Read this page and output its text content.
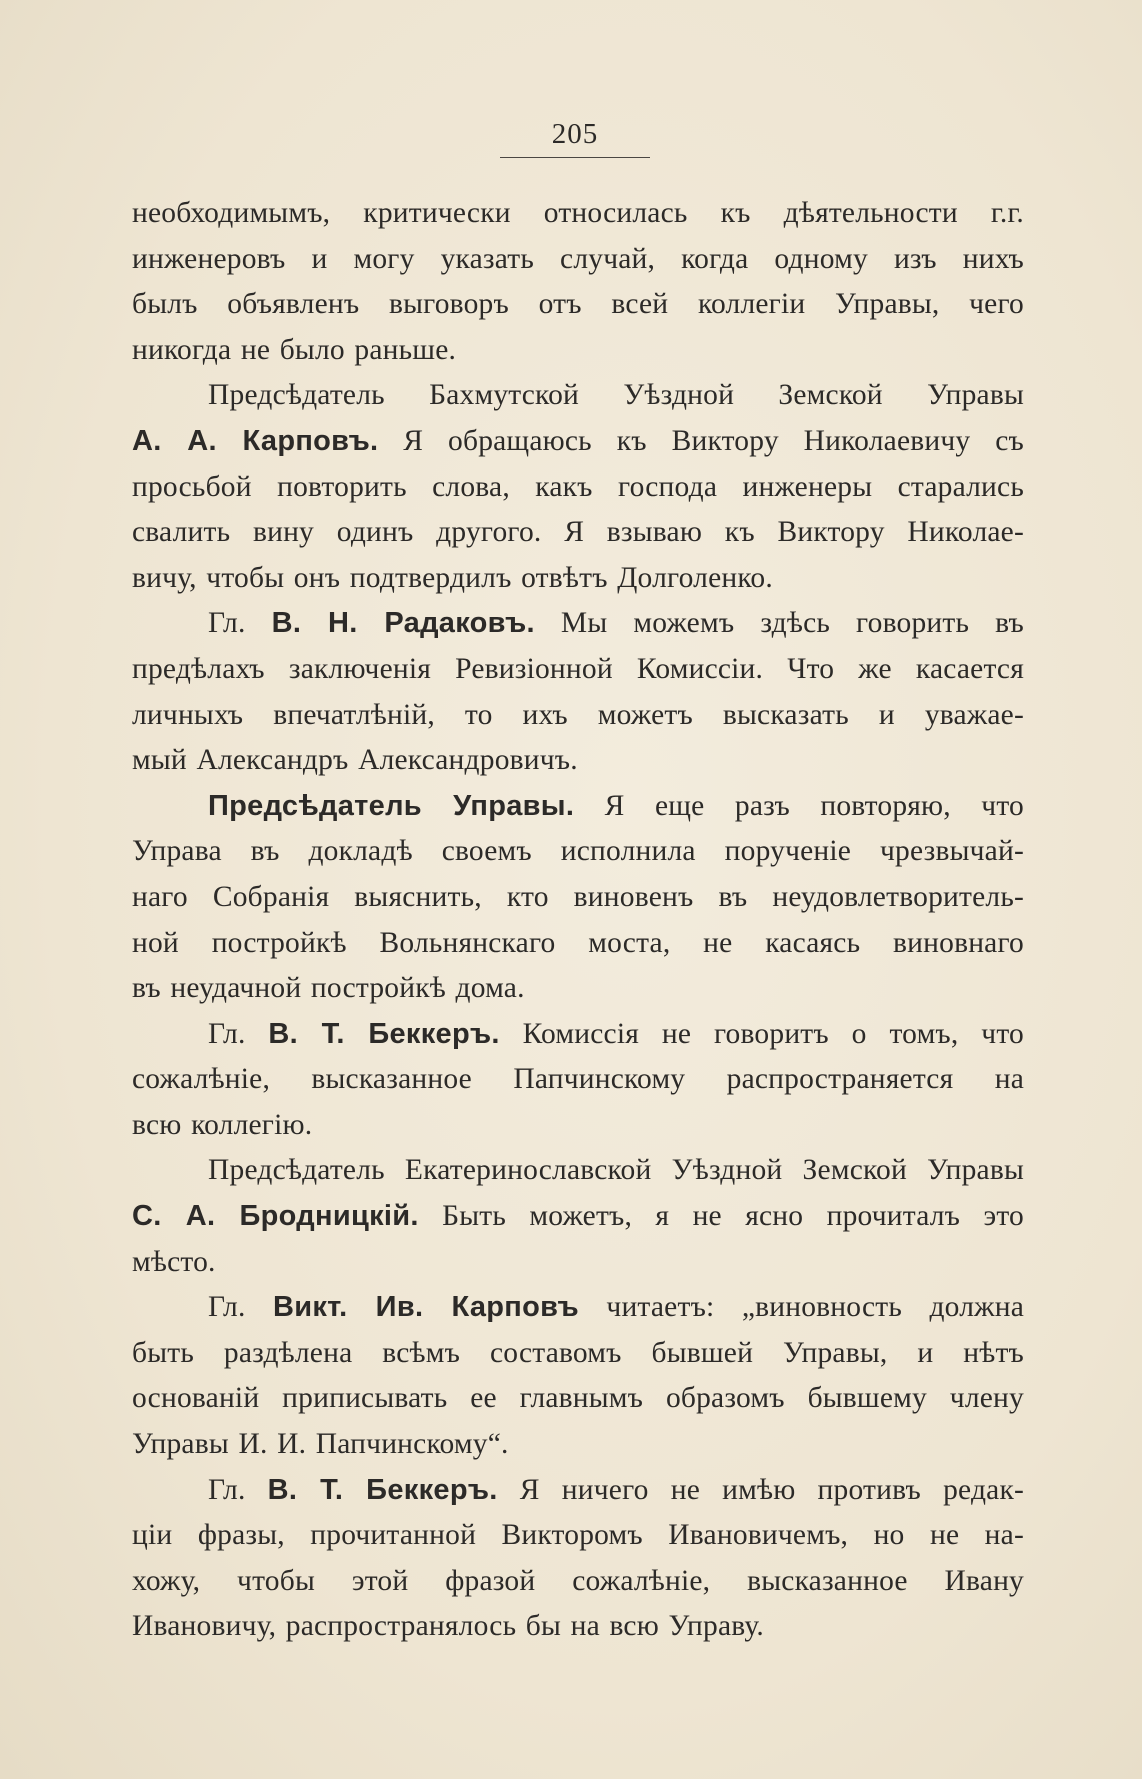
205
необходимымъ, критически относилась къ дѣятельности г.г.
инженеровъ и могу указать случай, когда одному изъ нихъ
былъ объявленъ выговоръ отъ всей коллегіи Управы, чего
никогда не было раньше.
Предсѣдатель Бахмутской Уѣздной Земской Управы
А. А. Карповъ. Я обращаюсь къ Виктору Николаевичу съ
просьбой повторить слова, какъ господа инженеры старались
свалить вину одинъ другого. Я взываю къ Виктору Николае-
вичу, чтобы онъ подтвердилъ отвѣтъ Долголенко.
Гл. В. Н. Радаковъ. Мы можемъ здѣсь говорить въ
предѣлахъ заключенія Ревизіонной Комиссіи. Что же касается
личныхъ впечатлѣній, то ихъ можетъ высказать и уважае-
мый Александръ Александровичъ.
Предсѣдатель Управы. Я еще разъ повторяю, что
Управа въ докладѣ своемъ исполнила порученіе чрезвычай-
наго Собранія выяснить, кто виновенъ въ неудовлетворитель-
ной постройкѣ Вольнянскаго моста, не касаясь виновнаго
въ неудачной постройкѣ дома.
Гл. В. Т. Беккеръ. Комиссія не говоритъ о томъ, что
сожалѣніе, высказанное Папчинскому распространяется на
всю коллегію.
Предсѣдатель Екатеринославской Уѣздной Земской Управы
С. А. Бродницкій. Быть можетъ, я не ясно прочиталъ это
мѣсто.
Гл. Викт. Ив. Карповъ читаетъ: „виновность должна
быть раздѣлена всѣмъ составомъ бывшей Управы, и нѣтъ
основаній приписывать ее главнымъ образомъ бывшему члену
Управы И. И. Папчинскому“.
Гл. В. Т. Беккеръ. Я ничего не имѣю противъ редак-
ціи фразы, прочитанной Викторомъ Ивановичемъ, но не на-
хожу, чтобы этой фразой сожалѣніе, высказанное Ивану
Ивановичу, распространялось бы на всю Управу.
